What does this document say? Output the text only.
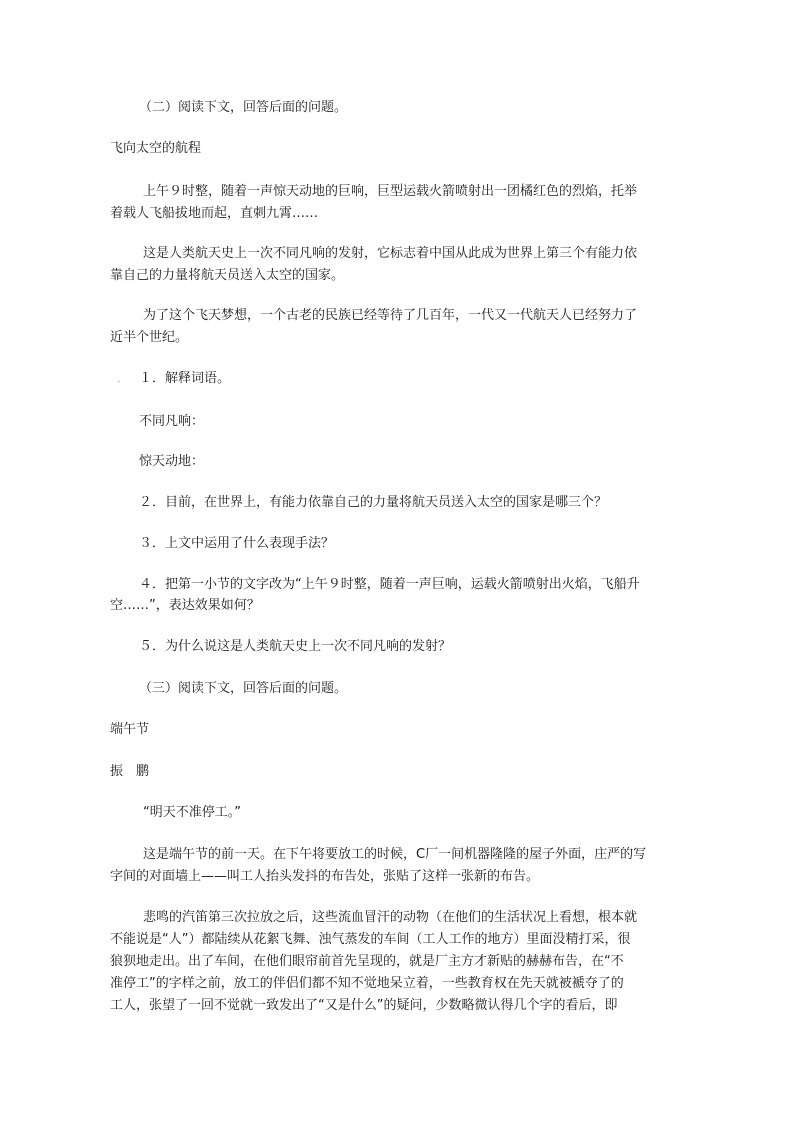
（二）阅读下文，回答后面的问题。
飞向太空的航程
上午９时整，随着一声惊天动地的巨响，巨型运载火箭喷射出一团橘红色的烈焰，托举
着载人飞船拔地而起，直刺九霄……
这是人类航天史上一次不同凡响的发射，它标志着中国从此成为世界上第三个有能力依
靠自己的力量将航天员送入太空的国家。
为了这个飞天梦想，一个古老的民族已经等待了几百年，一代又一代航天人已经努力了
近半个世纪。
. １．解释词语。
不同凡响：
惊天动地：
２．目前，在世界上，有能力依靠自己的力量将航天员送入太空的国家是哪三个？
３．上文中运用了什么表现手法？
４．把第一小节的文字改为“上午９时整，随着一声巨响，运载火箭喷射出火焰，飞船升
空……”，表达效果如何？
５．为什么说这是人类航天史上一次不同凡响的发射？
（三）阅读下文，回答后面的问题。
端午节
振　鹏
“明天不准停工。”
这是端午节的前一天。在下午将要放工的时候，C厂一间机器隆隆的屋子外面，庄严的写
字间的对面墙上——叫工人抬头发抖的布告处，张贴了这样一张新的布告。
悲鸣的汽笛第三次拉放之后，这些流血冒汗的动物（在他们的生活状况上看想，根本就
不能说是“人”）都陆续从花絮飞舞、浊气蒸发的车间（工人工作的地方）里面没精打采，很
狼狈地走出。出了车间，在他们眼帘前首先呈现的，就是厂主方才新贴的赫赫布告，在“不
准停工”的字样之前，放工的伴侣们都不知不觉地呆立着，一些教育权在先天就被褫夺了的
工人，张望了一回不觉就一致发出了“又是什么”的疑问，少数略微认得几个字的看后，即
